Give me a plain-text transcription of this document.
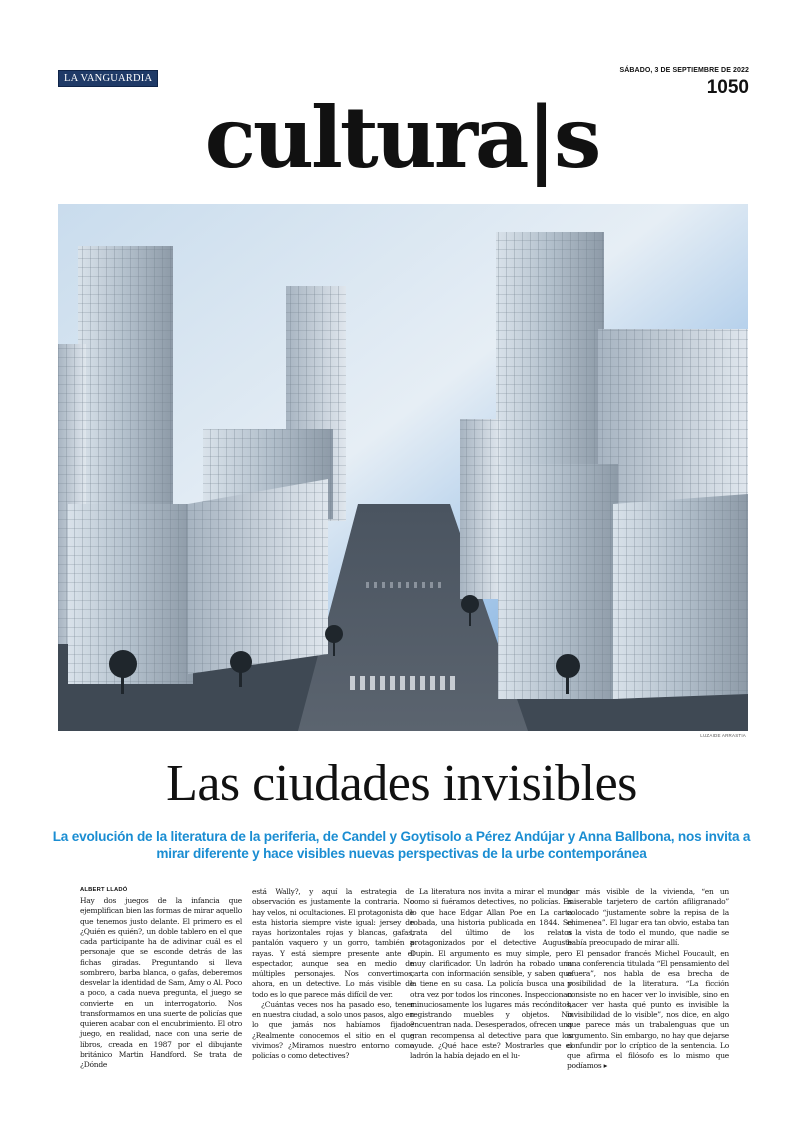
LA VANGUARDIA
SÁBADO, 3 DE SEPTIEMBRE DE 2022
1050
cultura|s
LUZAIDE ARRASTIA
Las ciudades invisibles
La evolución de la literatura de la periferia, de Candel y Goytisolo a Pérez Andújar y Anna Ballbona, nos invita a mirar diferente y hace visibles nuevas perspectivas de la urbe contemporánea
ALBERT LLADÓ

Hay dos juegos de la infancia que ejemplifican bien las formas de mirar aquello que tenemos justo delante. El primero es el ¿Quién es quién?, un doble tablero en el que cada participante ha de adivinar cuál es el personaje que se esconde detrás de las fichas giradas. Preguntando si lleva sombrero, barba blanca, o gafas, deberemos desvelar la identidad de Sam, Amy o Al. Poco a poco, a cada nueva pregunta, el juego se convierte en un interrogatorio. Nos transformamos en una suerte de policías que quieren acabar con el encubrimiento. El otro juego, en realidad, nace con una serie de libros, creada en 1987 por el dibujante británico Martin Handford. Se trata de ¿Dónde

está Wally?, y aquí la estrategia de observación es justamente la contraria. No hay velos, ni ocultaciones. El protagonista de esta historia siempre viste igual: jersey de rayas horizontales rojas y blancas, gafas, pantalón vaquero y un gorro, también a rayas. Y está siempre presente ante el espectador, aunque sea en medio de múltiples personajes. Nos convertimos, ahora, en un detective. Lo más visible de todo es lo que parece más difícil de ver.

¿Cuántas veces nos ha pasado eso, tener en nuestra ciudad, a solo unos pasos, algo en lo que jamás nos habíamos fijado? ¿Realmente conocemos el sitio en el que vivimos? ¿Miramos nuestro entorno como policías o como detectives?

La literatura nos invita a mirar el mundo como si fuéramos detectives, no policías. Es lo que hace Edgar Allan Poe en La carta robada, una historia publicada en 1844. Se trata del último de los relatos protagonizados por el detective Auguste Dupin. El argumento es muy simple, pero muy clarificador. Un ladrón ha robado una carta con información sensible, y saben que la tiene en su casa. La policía busca una y otra vez por todos los rincones. Inspeccionan minuciosamente los lugares más recónditos, registrando muebles y objetos. No encuentran nada. Desesperados, ofrecen una gran recompensa al detective para que los ayude. ¿Qué hace este? Mostrarles que el ladrón la había dejado en el lu-

gar más visible de la vivienda, “en un miserable tarjetero de cartón afiligranado” colocado “justamente sobre la repisa de la chimenea”. El lugar era tan obvio, estaba tan a la vista de todo el mundo, que nadie se había preocupado de mirar allí.

El pensador francés Michel Foucault, en una conferencia titulada “El pensamiento del afuera”, nos habla de esa brecha de posibilidad de la literatura. “La ficción consiste no en hacer ver lo invisible, sino en hacer ver hasta qué punto es invisible la invisibilidad de lo visible”, nos dice, en algo que parece más un trabalenguas que un argumento. Sin embargo, no hay que dejarse confundir por lo críptico de la sentencia. Lo que afirma el filósofo es lo mismo que podíamos ▸
